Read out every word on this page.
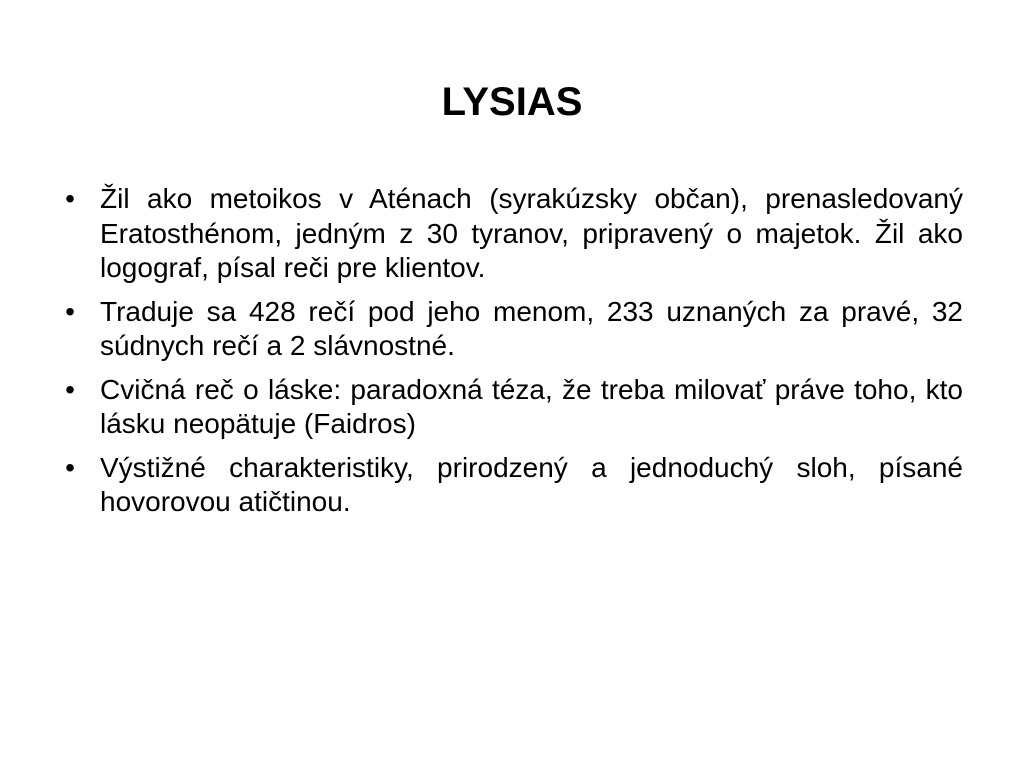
LYSIAS
• Žil ako metoikos v Aténach (syrakúzsky občan), prenasledovaný Eratosthénom, jedným z 30 tyranov, pripravený o majetok. Žil ako logograf, písal reči pre klientov.
• Traduje sa 428 rečí pod jeho menom, 233 uznaných za pravé, 32 súdnych rečí a 2 slávnostné.
• Cvičná reč o láske: paradoxná téza, že treba milovať práve toho, kto lásku neopätuje (Faidros)
• Výstižné charakteristiky, prirodzený a jednoduchý sloh, písané hovorovou atičtinou.
